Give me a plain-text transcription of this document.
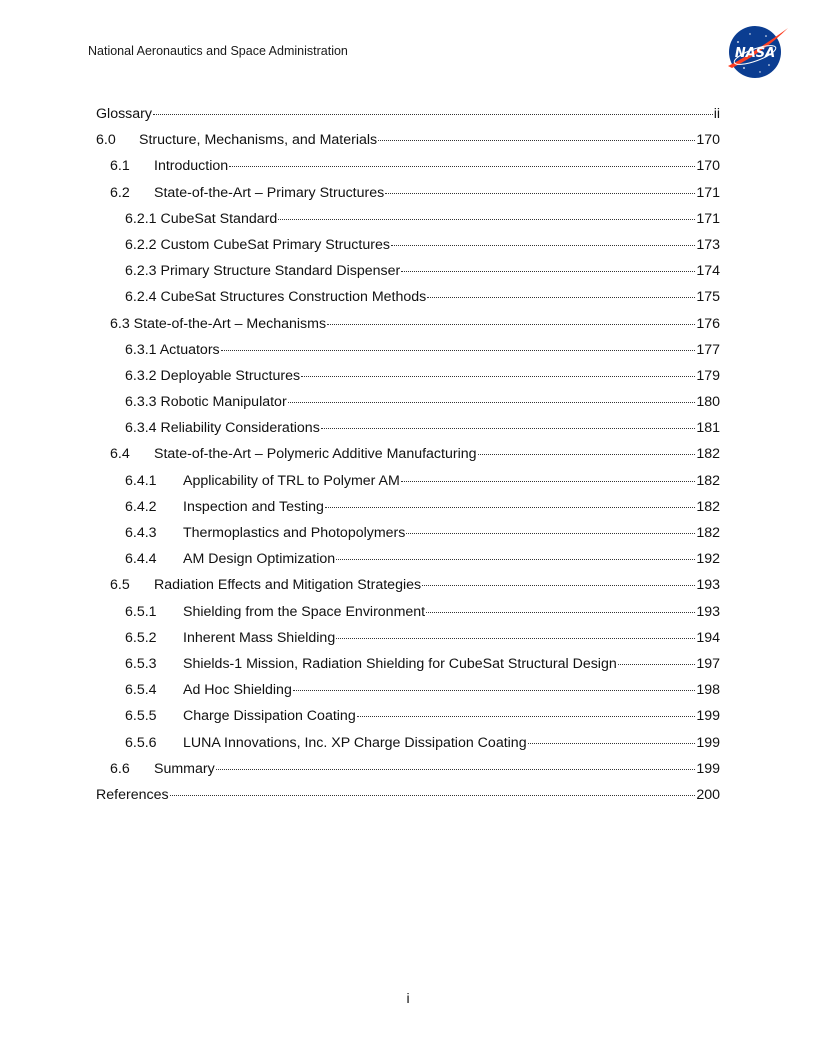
National Aeronautics and Space Administration	NASA
Glossary	ii
6.0	Structure, Mechanisms, and Materials	170
6.1	Introduction	170
6.2	State-of-the-Art – Primary Structures	171
6.2.1 CubeSat Standard	171
6.2.2 Custom CubeSat Primary Structures	173
6.2.3 Primary Structure Standard Dispenser	174
6.2.4 CubeSat Structures Construction Methods	175
6.3 State-of-the-Art – Mechanisms	176
6.3.1 Actuators	177
6.3.2 Deployable Structures	179
6.3.3 Robotic Manipulator	180
6.3.4 Reliability Considerations	181
6.4	State-of-the-Art – Polymeric Additive Manufacturing	182
6.4.1	Applicability of TRL to Polymer AM	182
6.4.2	Inspection and Testing	182
6.4.3	Thermoplastics and Photopolymers	182
6.4.4	AM Design Optimization	192
6.5	Radiation Effects and Mitigation Strategies	193
6.5.1	Shielding from the Space Environment	193
6.5.2	Inherent Mass Shielding	194
6.5.3	Shields-1 Mission, Radiation Shielding for CubeSat Structural Design	197
6.5.4	Ad Hoc Shielding	198
6.5.5	Charge Dissipation Coating	199
6.5.6	LUNA Innovations, Inc. XP Charge Dissipation Coating	199
6.6	Summary	199
References	200
i
